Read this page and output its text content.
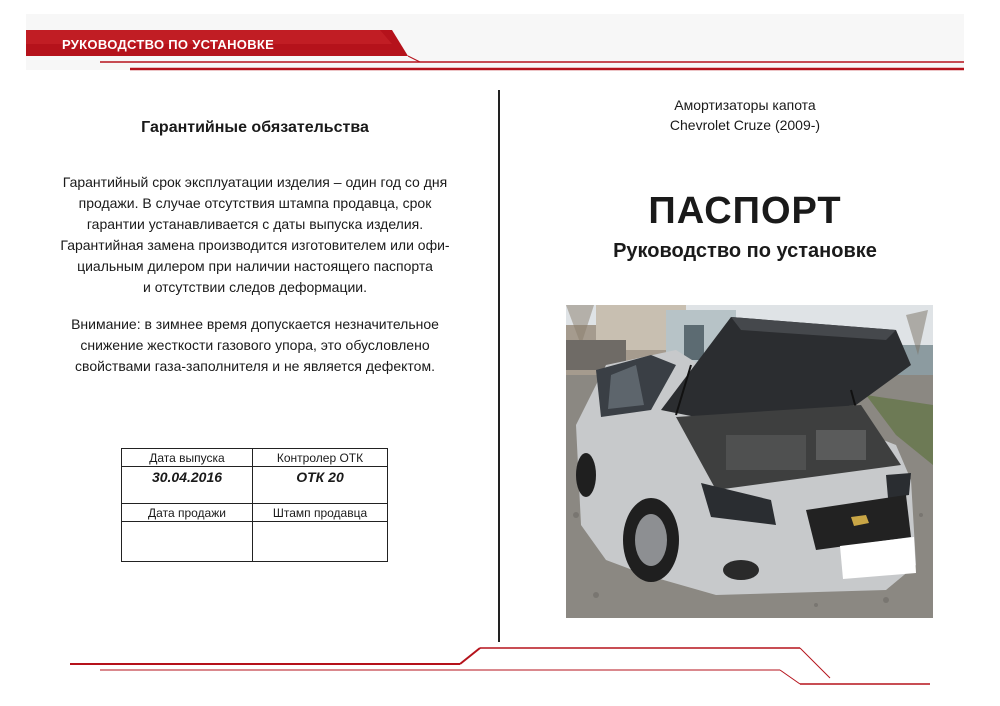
РУКОВОДСТВО ПО УСТАНОВКЕ
Гарантийные обязательства
Гарантийный срок эксплуатации изделия – один год со дня
продажи. В случае отсутствия штампа продавца, срок
гарантии устанавливается с даты выпуска изделия.
Гарантийная замена производится изготовителем или офи-
циальным дилером при наличии настоящего паспорта
и отсутствии следов деформации.
Внимание: в зимнее время допускается незначительное
снижение жесткости газового упора, это обусловлено
свойствами газа-заполнителя и не является дефектом.
Дата выпуска	Контролер ОТК
30.04.2016	ОТК 20
Дата продажи	Штамп продавца

Амортизаторы капота
Chevrolet Cruze (2009-)
ПАСПОРТ
Руководство по установке
